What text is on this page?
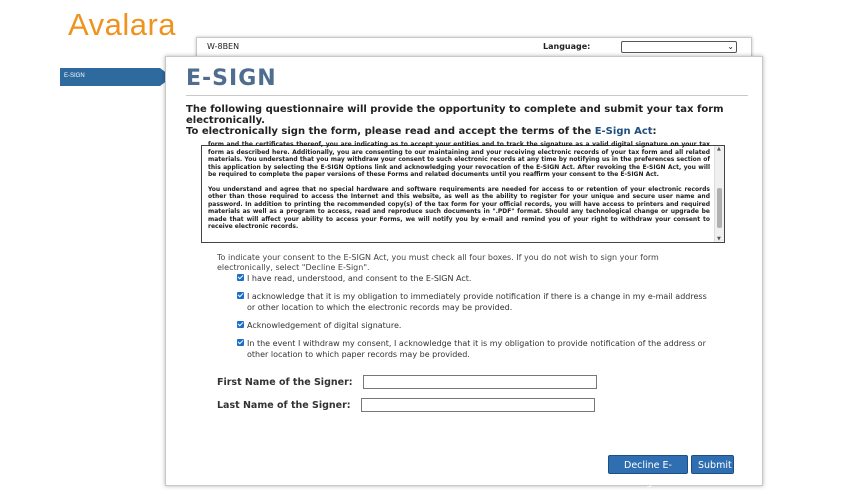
Avalara
W-8BEN	Language:	⌄
E-SIGN	E-SIGN
The following questionnaire will provide the opportunity to complete and submit your tax form electronically.
To electronically sign the form, please read and accept the terms of the E-Sign Act:

form and the certificates thereof, you are indicating as to accept your entities and to track the signature as a valid digital signature on your tax form as described here. Additionally, you are consenting to our maintaining and your receiving electronic records of your tax form and all related materials. You understand that you may withdraw your consent to such electronic records at any time by notifying us in the preferences section of this application by selecting the E-SIGN Options link and acknowledging your revocation of the E-SIGN Act. After revoking the E-SIGN Act, you will be required to complete the paper versions of these Forms and related documents until you reaffirm your consent to the E-SIGN Act.

You understand and agree that no special hardware and software requirements are needed for access to or retention of your electronic records other than those required to access the Internet and this website, as well as the ability to register for your unique and secure user name and password. In addition to printing the recommended copy(s) of the tax form for your official records, you will have access to printers and required materials as well as a program to access, read and reproduce such documents in ".PDF" format. Should any technological change or upgrade be made that will affect your ability to access your Forms, we will notify you by e-mail and remind you of your right to withdraw your consent to receive electronic records.

▲
▼
To indicate your consent to the E-SIGN Act, you must check all four boxes. If you do not wish to sign your form electronically, select "Decline E-Sign".
I have read, understood, and consent to the E-SIGN Act.
I acknowledge that it is my obligation to immediately provide notification if there is a change in my e-mail address or other location to which the electronic records may be provided.
Acknowledgement of digital signature.
In the event I withdraw my consent, I acknowledge that it is my obligation to provide notification of the address or other location to which paper records may be provided.
First Name of the Signer:
Last Name of the Signer:
Decline E-Sign
Submit
